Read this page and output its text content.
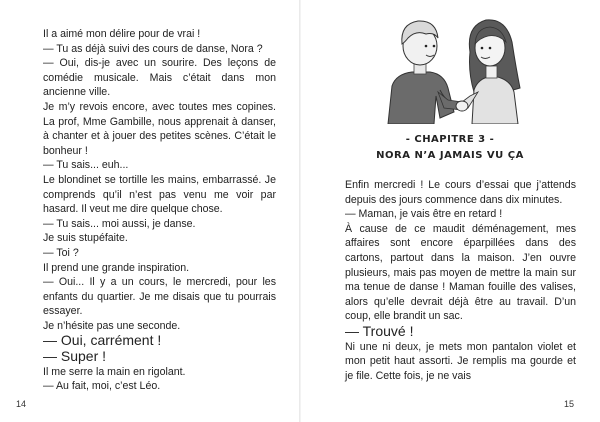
Il a aimé mon délire pour de vrai !

— Tu as déjà suivi des cours de danse, Nora ?

— Oui, dis-je avec un sourire. Des leçons de comédie musicale. Mais c’était dans mon ancienne ville.

Je m’y revois encore, avec toutes mes copines. La prof, Mme Gambille, nous apprenait à danser, à chanter et à jouer des petites scènes. C’était le bonheur !

— Tu sais... euh...

Le blondinet se tortille les mains, embarrassé. Je comprends qu’il n’est pas venu me voir par hasard. Il veut me dire quelque chose.

— Tu sais... moi aussi, je danse.

Je suis stupéfaite.

— Toi ?

Il prend une grande inspiration.

— Oui... Il y a un cours, le mercredi, pour les enfants du quartier. Je me disais que tu pourrais essayer.

Je n’hésite pas une seconde.

— Oui, carrément !

— Super !

Il me serre la main en rigolant.

— Au fait, moi, c’est Léo.

14
- CHAPITRE 3 -
NORA N’A JAMAIS VU ÇA

Enfin mercredi ! Le cours d’essai que j’attends depuis des jours commence dans dix minutes.

— Maman, je vais être en retard !

À cause de ce maudit déménagement, mes affaires sont encore éparpillées dans des cartons, partout dans la maison. J’en ouvre plusieurs, mais pas moyen de mettre la main sur ma tenue de danse ! Maman fouille des valises, alors qu’elle devrait déjà être au travail. D’un coup, elle brandit un sac.

— Trouvé !

Ni une ni deux, je mets mon pantalon violet et mon petit haut assorti. Je remplis ma gourde et je file. Cette fois, je ne vais

15
